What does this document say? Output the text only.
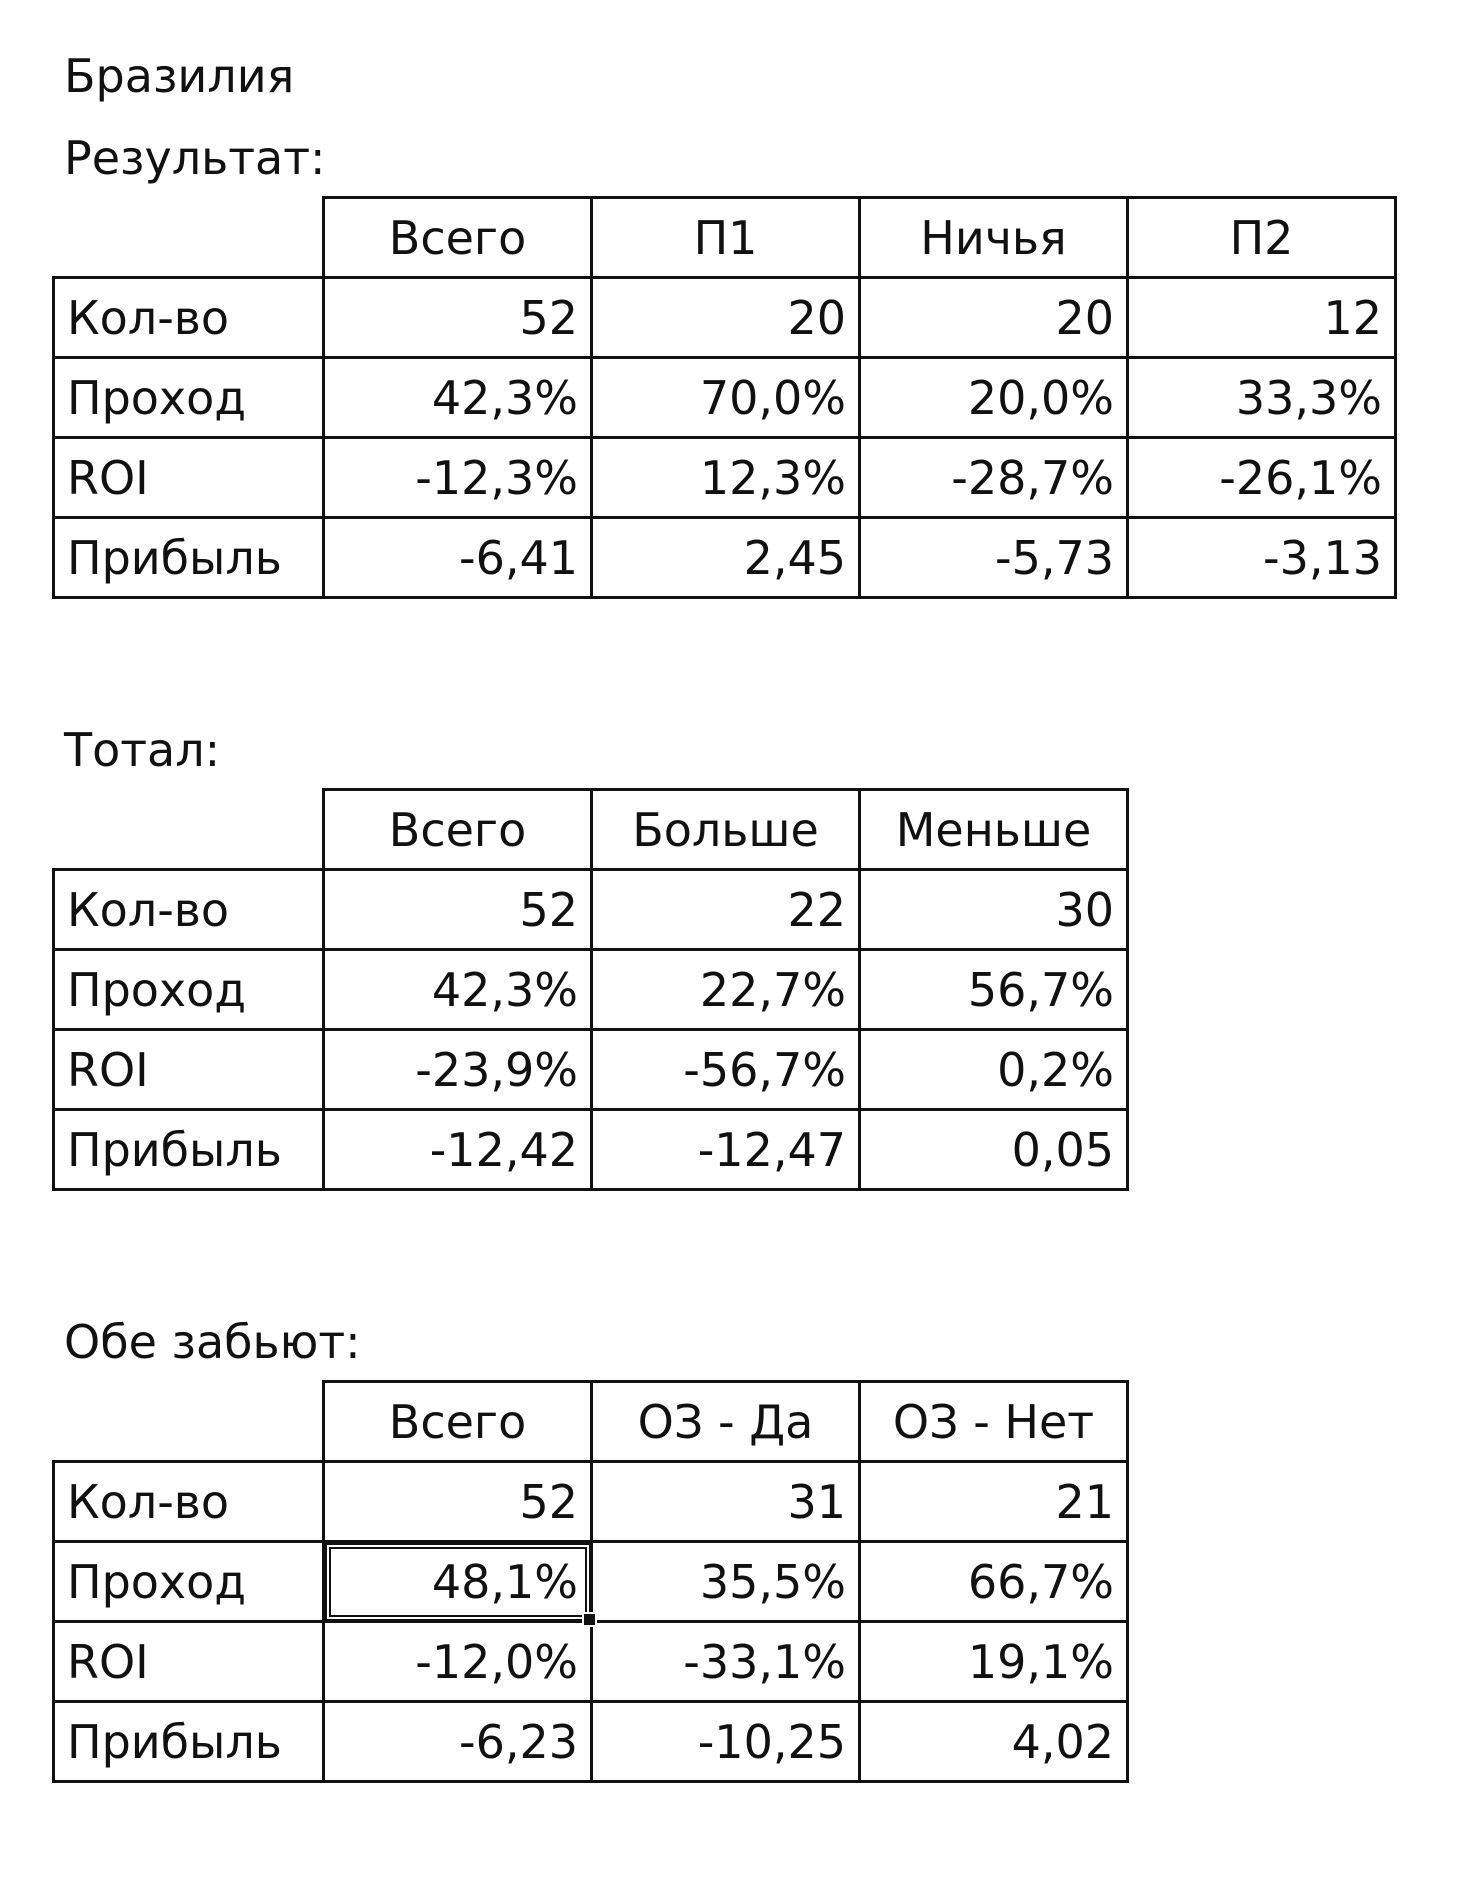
Бразилия
Результат:
	Всего	П1	Ничья	П2
Кол-во	52	20	20	12
Проход	42,3%	70,0%	20,0%	33,3%
ROI	-12,3%	12,3%	-28,7%	-26,1%
Прибыль	-6,41	2,45	-5,73	-3,13
Тотал:
	Всего	Больше	Меньше
Кол-во	52	22	30
Проход	42,3%	22,7%	56,7%
ROI	-23,9%	-56,7%	0,2%
Прибыль	-12,42	-12,47	0,05
Обе забьют:
	Всего	ОЗ - Да	ОЗ - Нет
Кол-во	52	31	21
Проход	48,1%	35,5%	66,7%
ROI	-12,0%	-33,1%	19,1%
Прибыль	-6,23	-10,25	4,02
